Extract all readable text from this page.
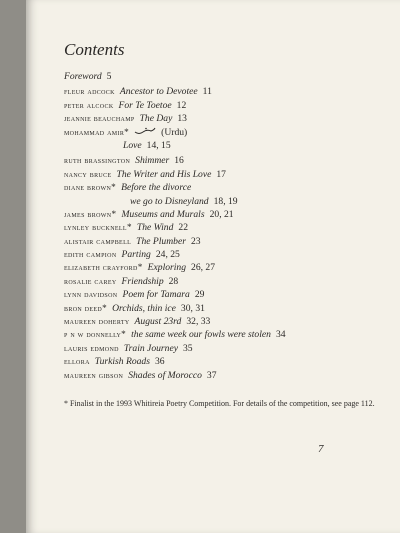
Contents
Foreword 5
fleur adcock Ancestor to Devotee 11
peter alcock For Te Toetoe 12
jeannie beauchamp The Day 13
mohammad amir*	(Urdu)
Love 14, 15
ruth brassington Shimmer 16
nancy bruce The Writer and His Love 17
diane brown* Before the divorce
we go to Disneyland 18, 19
james brown* Museums and Murals 20, 21
lynley bucknell* The Wind 22
alistair campbell The Plumber 23
edith campion Parting 24, 25
elizabeth crayford* Exploring 26, 27
rosalie carey Friendship 28
lynn davidson Poem for Tamara 29
bron deed* Orchids, thin ice 30, 31
maureen doherty August 23rd 32, 33
p n w donnelly* the same week our fowls were stolen 34
lauris edmond Train Journey 35
ellora Turkish Roads 36
maureen gibson Shades of Morocco 37
* Finalist in the 1993 Whitireia Poetry Competition. For details of the competition, see page 112.
7
